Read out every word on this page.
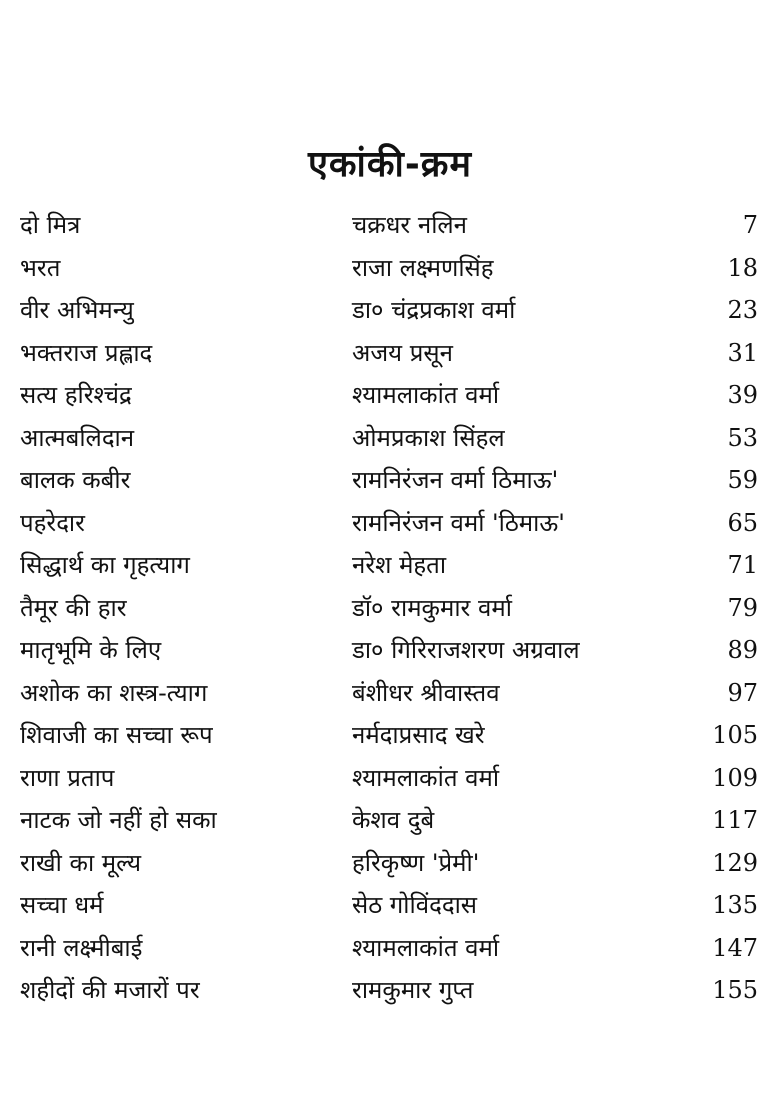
एकांकी-क्रम
दो मित्र	चक्रधर नलिन	7
भरत	राजा लक्ष्मणसिंह	18
वीर अभिमन्यु	डा० चंद्रप्रकाश वर्मा	23
भक्तराज प्रह्लाद	अजय प्रसून	31
सत्य हरिश्चंद्र	श्यामलाकांत वर्मा	39
आत्मबलिदान	ओमप्रकाश सिंहल	53
बालक कबीर	रामनिरंजन वर्मा ठिमाऊ'	59
पहरेदार	रामनिरंजन वर्मा 'ठिमाऊ'	65
सिद्धार्थ का गृहत्याग	नरेश मेहता	71
तैमूर की हार	डॉ० रामकुमार वर्मा	79
मातृभूमि के लिए	डा० गिरिराजशरण अग्रवाल	89
अशोक का शस्त्र-त्याग	बंशीधर श्रीवास्तव	97
शिवाजी का सच्चा रूप	नर्मदाप्रसाद खरे	105
राणा प्रताप	श्यामलाकांत वर्मा	109
नाटक जो नहीं हो सका	केशव दुबे	117
राखी का मूल्य	हरिकृष्ण 'प्रेमी'	129
सच्चा धर्म	सेठ गोविंददास	135
रानी लक्ष्मीबाई	श्यामलाकांत वर्मा	147
शहीदों की मजारों पर	रामकुमार गुप्त	155
